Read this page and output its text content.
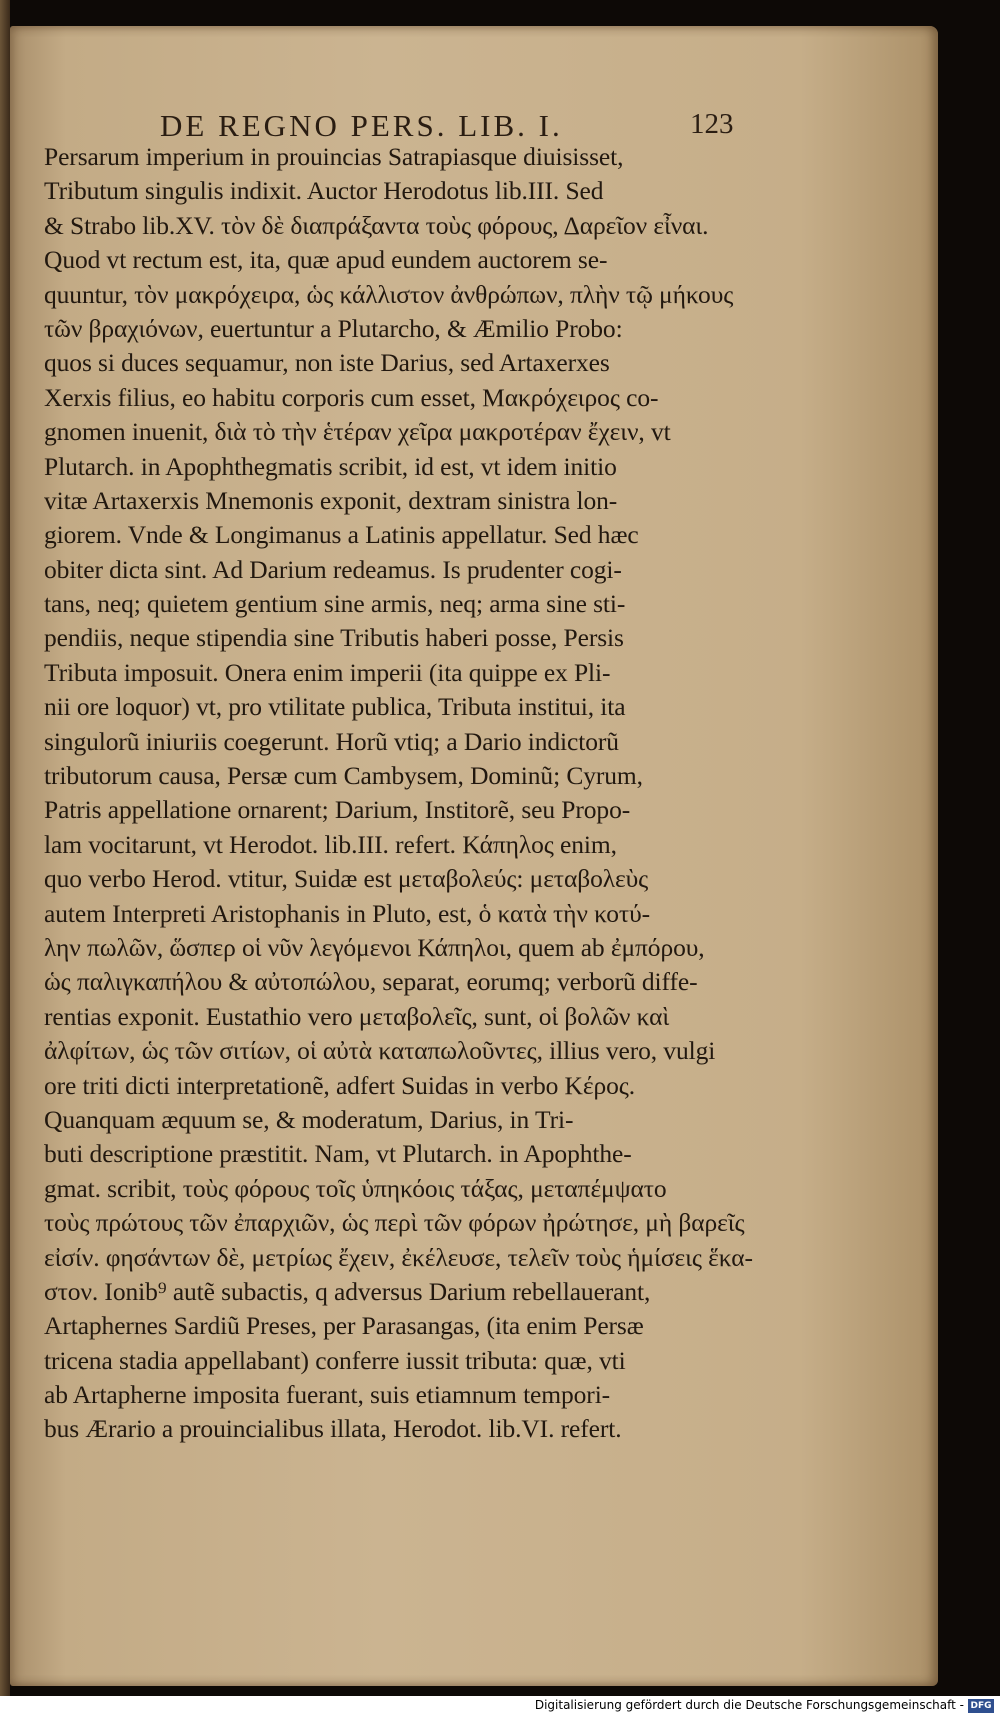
DE REGNO PERS. LIB. I.	123
Persarum imperium in prouincias Satrapiasque diuisisset,
Tributum singulis indixit. Auctor Herodotus lib.III. Sed
& Strabo lib.XV. τὸν δὲ διαπράξαντα τοὺς φόρους, Δαρεῖον εἶναι.
Quod vt rectum est, ita, quæ apud eundem auctorem se-
quuntur, τὸν μακρόχειρα, ὡς κάλλιστον ἀνθρώπων, πλὴν τῷ μήκους
τῶν βραχιόνων, euertuntur a Plutarcho, & Æmilio Probo:
quos si duces sequamur, non iste Darius, sed Artaxerxes
Xerxis filius, eo habitu corporis cum esset, Μακρόχειρος co-
gnomen inuenit, διὰ τὸ τὴν ἑτέραν χεῖρα μακροτέραν ἔχειν, vt
Plutarch. in Apophthegmatis scribit, id est, vt idem initio
vitæ Artaxerxis Mnemonis exponit, dextram sinistra lon-
giorem. Vnde & Longimanus a Latinis appellatur. Sed hæc
obiter dicta sint. Ad Darium redeamus. Is prudenter cogi-
tans, neq; quietem gentium sine armis, neq; arma sine sti-
pendiis, neque stipendia sine Tributis haberi posse, Persis
Tributa imposuit. Onera enim imperii (ita quippe ex Pli-
nii ore loquor) vt, pro vtilitate publica, Tributa institui, ita
singulorũ iniuriis coegerunt. Horũ vtiq; a Dario indictorũ
tributorum causa, Persæ cum Cambysem, Dominũ; Cyrum,
Patris appellatione ornarent; Darium, Institorẽ, seu Propo-
lam vocitarunt, vt Herodot. lib.III. refert. Κάπηλος enim,
quo verbo Herod. vtitur, Suidæ est μεταβολεύς: μεταβολεὺς
autem Interpreti Aristophanis in Pluto, est, ὁ κατὰ τὴν κοτύ-
λην πωλῶν, ὥσπερ οἱ νῦν λεγόμενοι Κάπηλοι, quem ab ἐμπόρου,
ὡς παλιγκαπήλου & αὐτοπώλου, separat, eorumq; verborũ diffe-
rentias exponit. Eustathio vero μεταβολεῖς, sunt, οἱ βολῶν καὶ
ἀλφίτων, ὡς τῶν σιτίων, οἱ αὐτὰ καταπωλοῦντες, illius vero, vulgi
ore triti dicti interpretationẽ, adfert Suidas in verbo Κέρος.
Quanquam æquum se, & moderatum, Darius, in Tri-
buti descriptione præstitit. Nam, vt Plutarch. in Apophthe-
gmat. scribit, τοὺς φόρους τοῖς ὑπηκόοις τάξας, μεταπέμψατο
τοὺς πρώτους τῶν ἐπαρχιῶν, ὡς περὶ τῶν φόρων ἠρώτησε, μὴ βαρεῖς
εἰσίν. φησάντων δὲ, μετρίως ἔχειν, ἐκέλευσε, τελεῖν τοὺς ἡμίσεις ἕκα-
στον. Ionib⁹ autẽ subactis, q adversus Darium rebellauerant,
Artaphernes Sardiũ Preses, per Parasangas, (ita enim Persæ
tricena stadia appellabant) conferre iussit tributa: quæ, vti
ab Artapherne imposita fuerant, suis etiamnum tempori-
bus Ærario a prouincialibus illata, Herodot. lib.VI. refert.
Digitalisierung gefördert durch die Deutsche Forschungsgemeinschaft - DFG
